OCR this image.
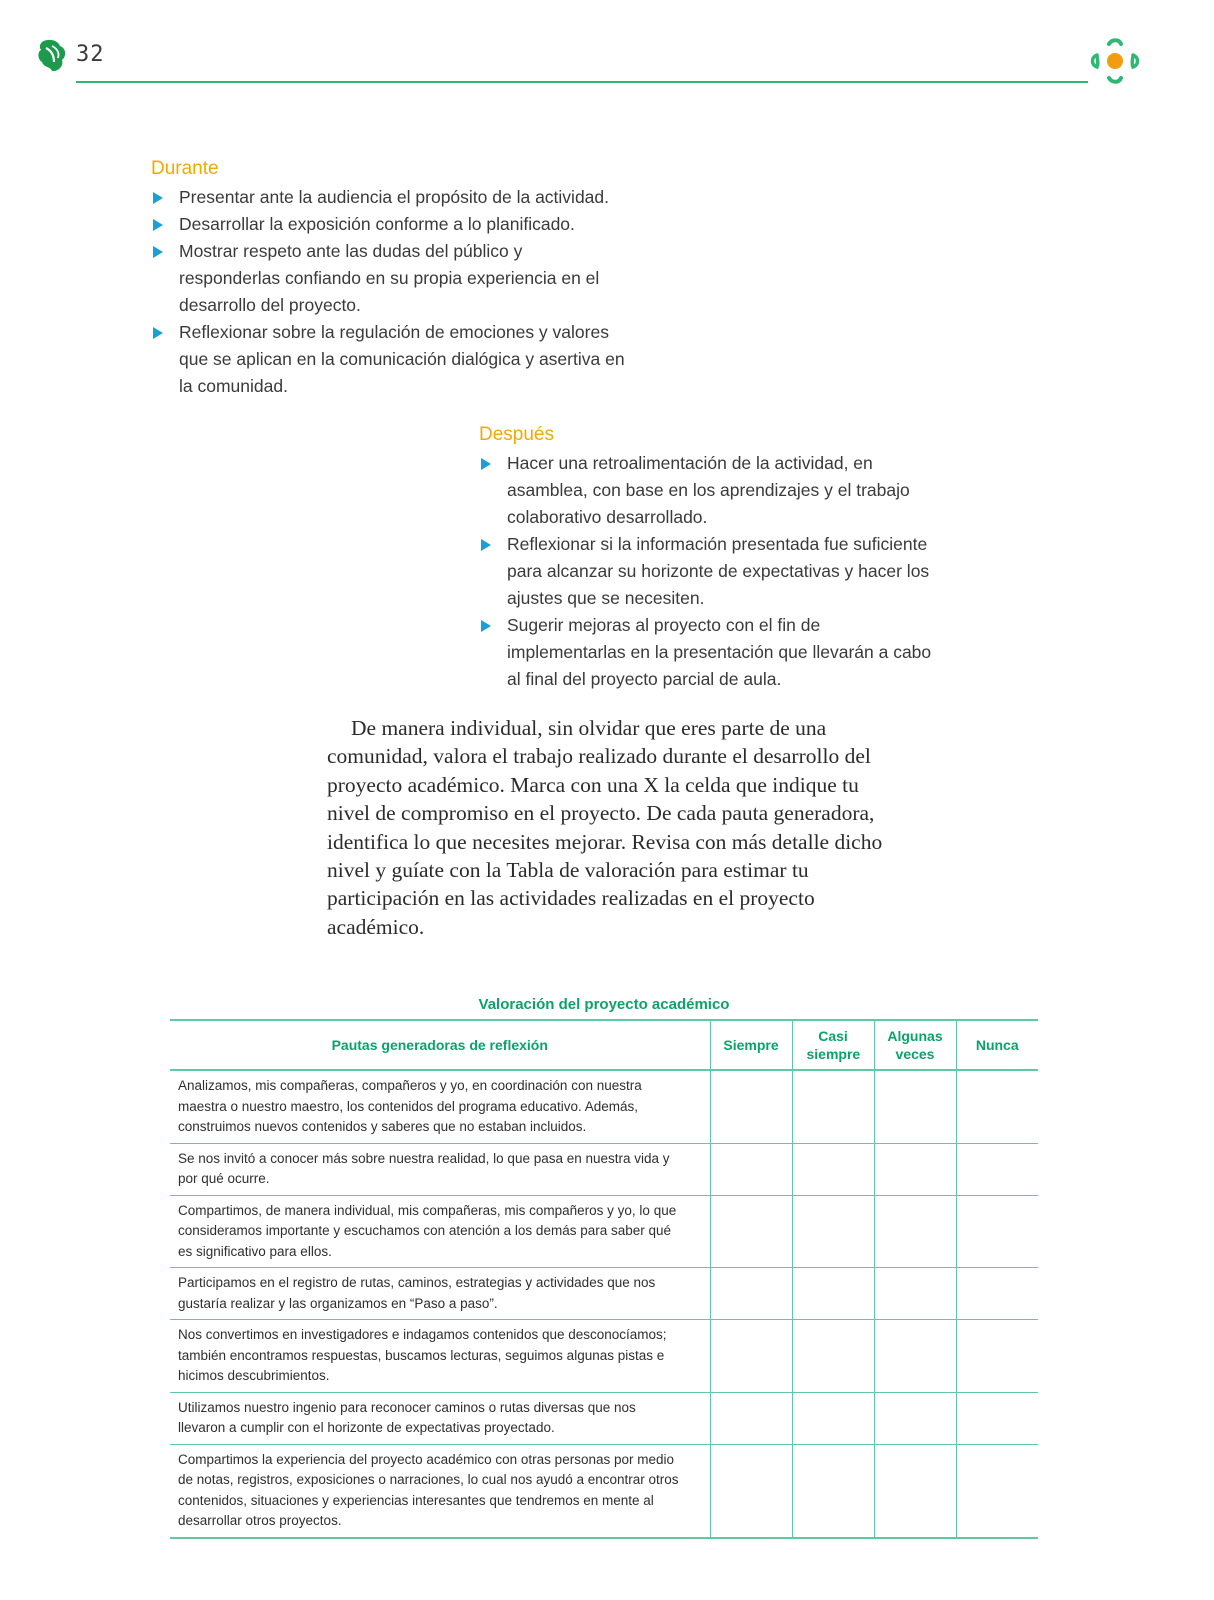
32
Durante
Presentar ante la audiencia el propósito de la actividad.
Desarrollar la exposición conforme a lo planificado.
Mostrar respeto ante las dudas del público y responderlas confiando en su propia experiencia en el desarrollo del proyecto.
Reflexionar sobre la regulación de emociones y valores que se aplican en la comunicación dialógica y asertiva en la comunidad.
Después
Hacer una retroalimentación de la actividad, en asamblea, con base en los aprendizajes y el trabajo colaborativo desarrollado.
Reflexionar si la información presentada fue suficiente para alcanzar su horizonte de expectativas y hacer los ajustes que se necesiten.
Sugerir mejoras al proyecto con el fin de implementarlas en la presentación que llevarán a cabo al final del proyecto parcial de aula.

De manera individual, sin olvidar que eres parte de una comunidad, valora el trabajo realizado durante el desarrollo del proyecto académico. Marca con una X la celda que indique tu nivel de compromiso en el proyecto. De cada pauta generadora, identifica lo que necesites mejorar. Revisa con más detalle dicho nivel y guíate con la Tabla de valoración para estimar tu participación en las actividades realizadas en el proyecto académico.

Valoración del proyecto académico
Pautas generadoras de reflexión	Siempre	Casi siempre	Algunas veces	Nunca
Analizamos, mis compañeras, compañeros y yo, en coordinación con nuestra maestra o nuestro maestro, los contenidos del programa educativo. Además, construimos nuevos contenidos y saberes que no estaban incluidos.				
Se nos invitó a conocer más sobre nuestra realidad, lo que pasa en nuestra vida y por qué ocurre.				
Compartimos, de manera individual, mis compañeras, mis compañeros y yo, lo que consideramos importante y escuchamos con atención a los demás para saber qué es significativo para ellos.				
Participamos en el registro de rutas, caminos, estrategias y actividades que nos gustaría realizar y las organizamos en “Paso a paso”.				
Nos convertimos en investigadores e indagamos contenidos que desconocíamos; también encontramos respuestas, buscamos lecturas, seguimos algunas pistas e hicimos descubrimientos.				
Utilizamos nuestro ingenio para reconocer caminos o rutas diversas que nos llevaron a cumplir con el horizonte de expectativas proyectado.				
Compartimos la experiencia del proyecto académico con otras personas por medio de notas, registros, exposiciones o narraciones, lo cual nos ayudó a encontrar otros contenidos, situaciones y experiencias interesantes que tendremos en mente al desarrollar otros proyectos.				
